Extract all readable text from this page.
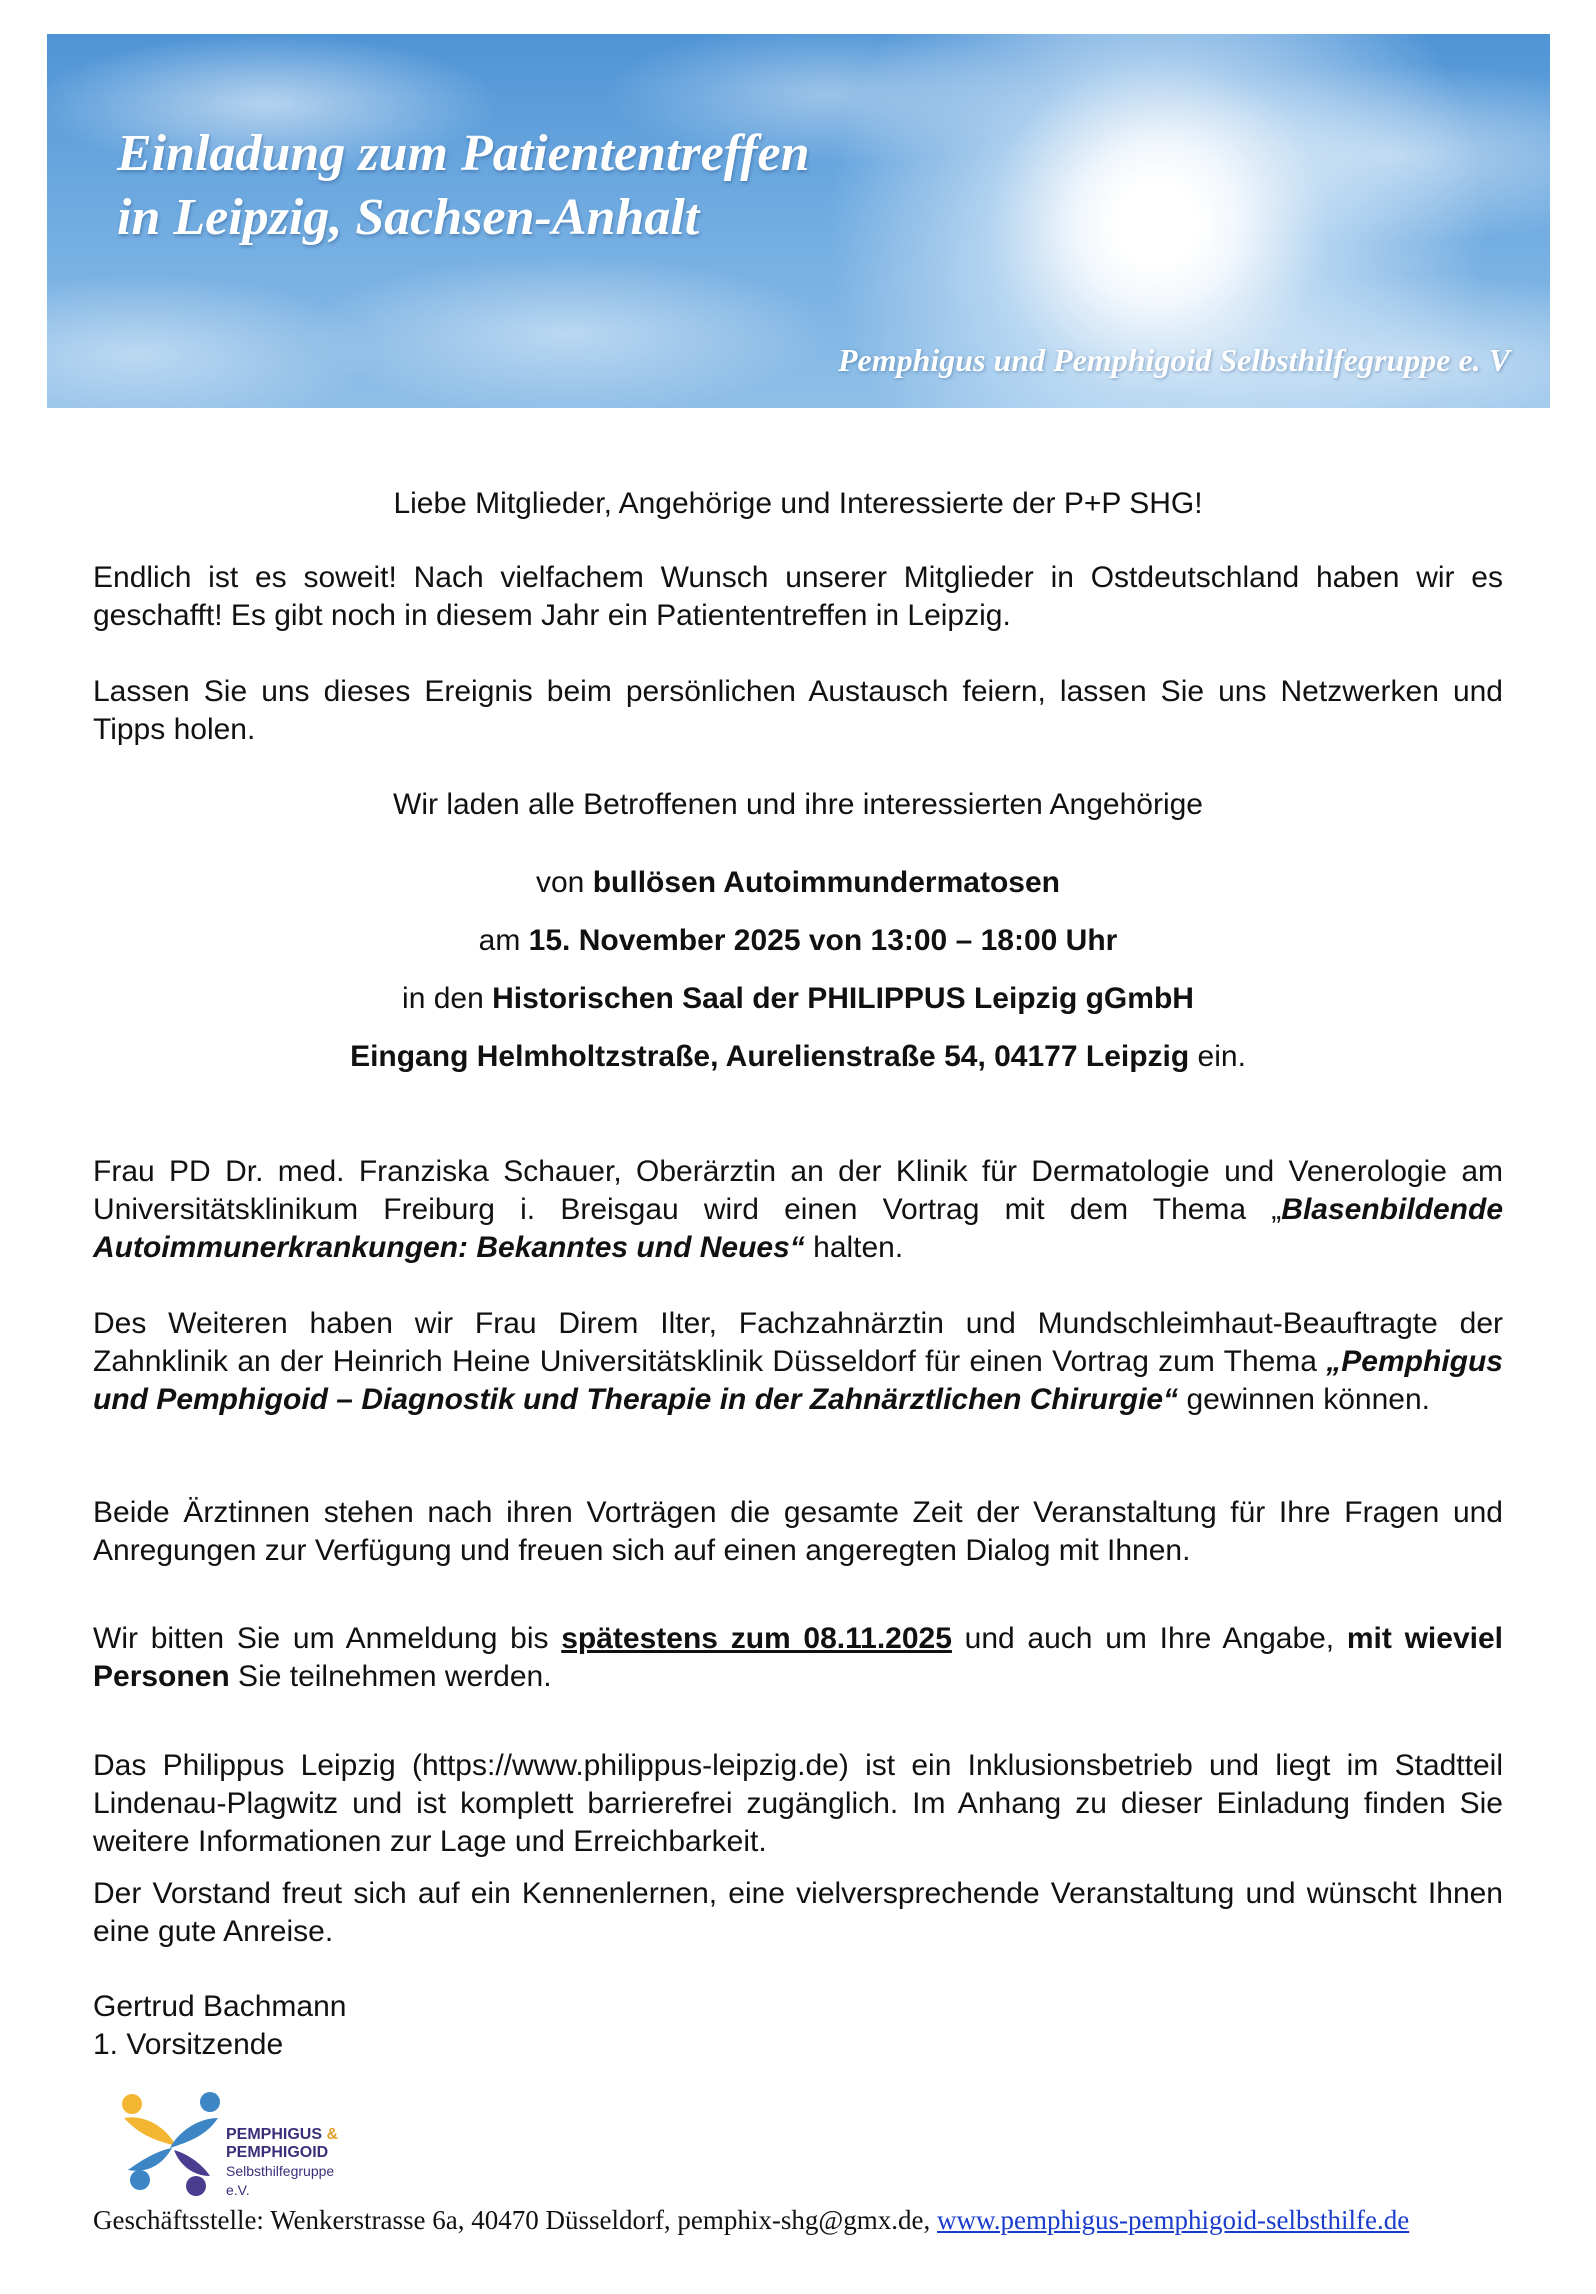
Einladung zum Patiententreffen
in Leipzig, Sachsen-Anhalt
Pemphigus und Pemphigoid Selbsthilfegruppe e. V

Liebe Mitglieder, Angehörige und Interessierte der P+P SHG!

Endlich ist es soweit! Nach vielfachem Wunsch unserer Mitglieder in Ostdeutschland haben wir es geschafft! Es gibt noch in diesem Jahr ein Patiententreffen in Leipzig.

Lassen Sie uns dieses Ereignis beim persönlichen Austausch feiern, lassen Sie uns Netzwerken und Tipps holen.

Wir laden alle Betroffenen und ihre interessierten Angehörige

von bullösen Autoimmundermatosen

am 15. November 2025 von 13:00 – 18:00 Uhr

in den Historischen Saal der PHILIPPUS Leipzig gGmbH

Eingang Helmholtzstraße, Aurelienstraße 54, 04177 Leipzig ein.

Frau PD Dr. med. Franziska Schauer, Oberärztin an der Klinik für Dermatologie und Venerologie am Universitätsklinikum Freiburg i. Breisgau wird einen Vortrag mit dem Thema „Blasenbildende Autoimmunerkrankungen: Bekanntes und Neues“ halten.

Des Weiteren haben wir Frau Direm Ilter, Fachzahnärztin und Mundschleimhaut-Beauftragte der Zahnklinik an der Heinrich Heine Universitätsklinik Düsseldorf für einen Vortrag zum Thema „Pemphigus und Pemphigoid – Diagnostik und Therapie in der Zahnärztlichen Chirurgie“ gewinnen können.

Beide Ärztinnen stehen nach ihren Vorträgen die gesamte Zeit der Veranstaltung für Ihre Fragen und Anregungen zur Verfügung und freuen sich auf einen angeregten Dialog mit Ihnen.

Wir bitten Sie um Anmeldung bis spätestens zum 08.11.2025 und auch um Ihre Angabe, mit wieviel Personen Sie teilnehmen werden.

Das Philippus Leipzig (https://www.philippus-leipzig.de) ist ein Inklusionsbetrieb und liegt im Stadtteil Lindenau-Plagwitz und ist komplett barrierefrei zugänglich. Im Anhang zu dieser Einladung finden Sie weitere Informationen zur Lage und Erreichbarkeit.

Der Vorstand freut sich auf ein Kennenlernen, eine vielversprechende Veranstaltung und wünscht Ihnen eine gute Anreise.

Gertrud Bachmann

1. Vorsitzende

PEMPHIGUS &
PEMPHIGOID
Selbsthilfegruppe e.V.
Geschäftsstelle: Wenkerstrasse 6a, 40470 Düsseldorf, pemphix-shg@gmx.de, www.pemphigus-pemphigoid-selbsthilfe.de
